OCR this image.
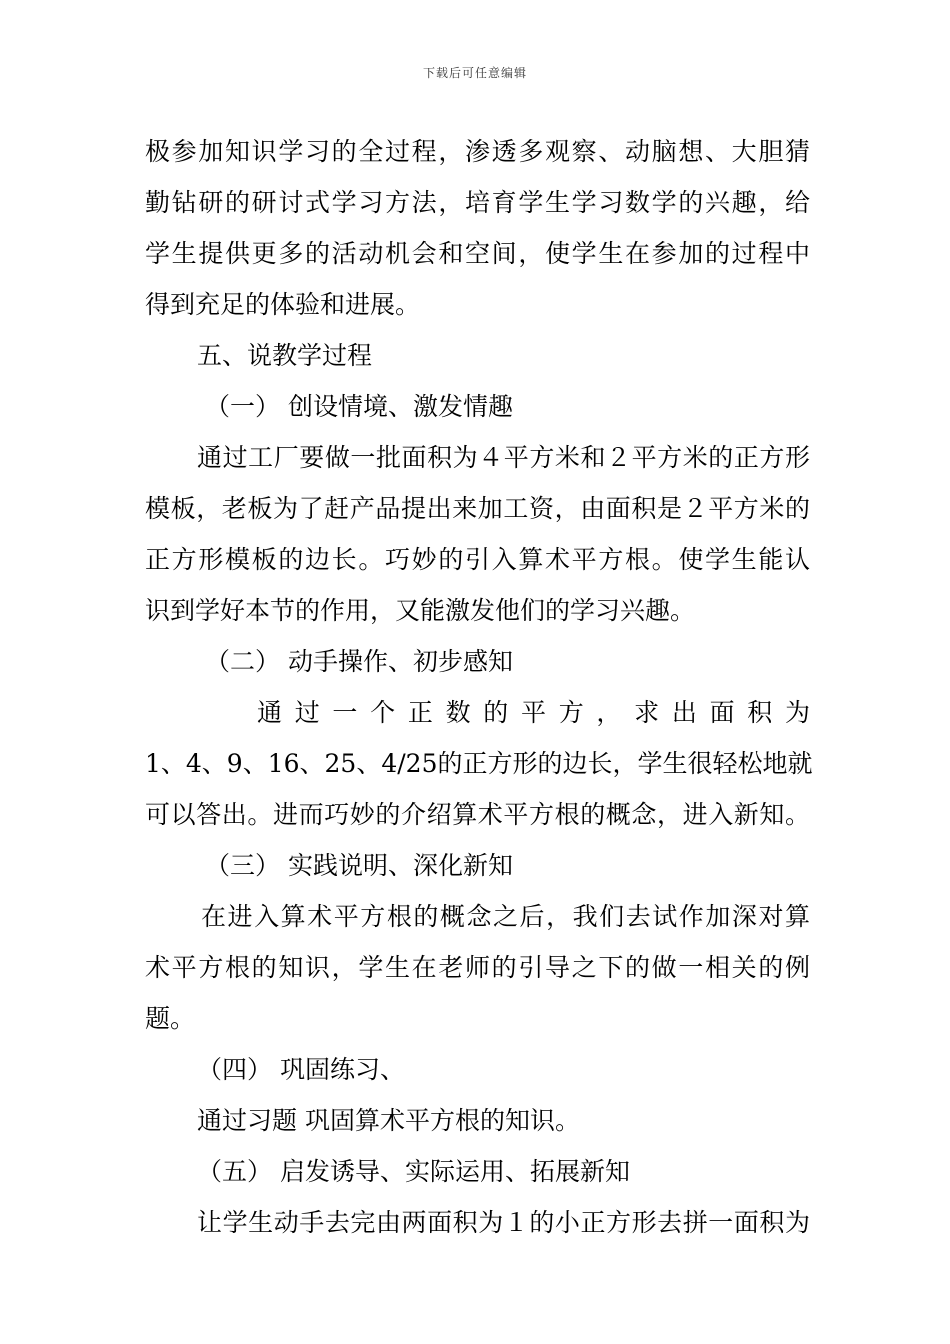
下载后可任意编辑
极参加知识学习的全过程，渗透多观察、动脑想、大胆猜
勤钻研的研讨式学习方法，培育学生学习数学的兴趣，给
学生提供更多的活动机会和空间，使学生在参加的过程中
得到充足的体验和进展。
五、说教学过程
（一） 创设情境、激发情趣
通过工厂要做一批面积为４平方米和２平方米的正方形
模板，老板为了赶产品提出来加工资，由面积是２平方米的
正方形模板的边长。巧妙的引入算术平方根。使学生能认
识到学好本节的作用，又能激发他们的学习兴趣。
（二） 动手操作、初步感知
通 过 一 个 正 数 的 平 方 ， 求 出 面 积 为
1、4、9、16、25、4/25的正方形的边长，学生很轻松地就
可以答出。进而巧妙的介绍算术平方根的概念，进入新知。
（三） 实践说明、深化新知
在进入算术平方根的概念之后，我们去试作加深对算
术平方根的知识，学生在老师的引导之下的做一相关的例
题。
（四） 巩固练习、
通过习题 巩固算术平方根的知识。
（五） 启发诱导、实际运用、拓展新知
让学生动手去完由两面积为１的小正方形去拼一面积为
